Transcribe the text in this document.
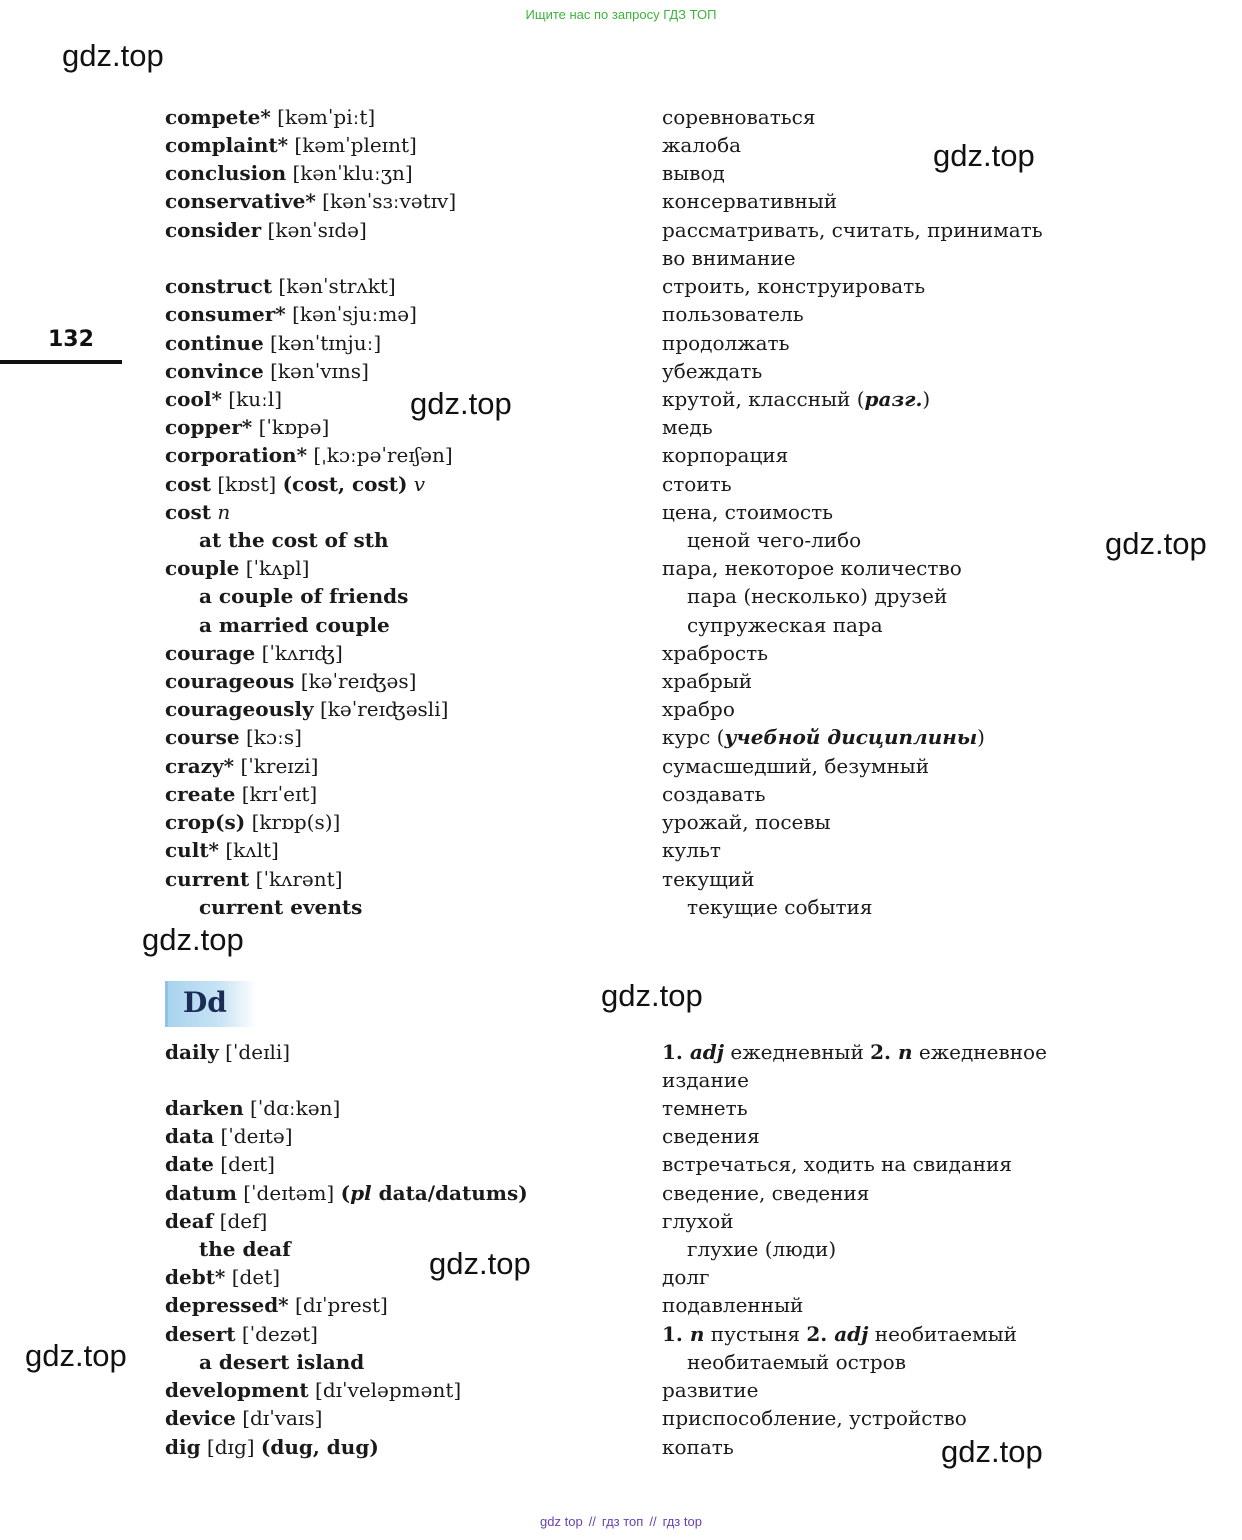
Ищите нас по запросу ГДЗ ТОП
gdz.top
gdz.top
gdz.top
gdz.top
gdz.top
gdz.top
gdz.top
gdz.top
gdz.top
132
compete* [kəmˈpiːt]	соревноваться
complaint* [kəmˈpleɪnt]	жалоба
conclusion [kənˈkluːʒn]	вывод
conservative* [kənˈsɜːvətɪv]	консервативный
consider [kənˈsɪdə]	рассматривать, считать, принимать
во внимание
construct [kənˈstrʌkt]	строить, конструировать
consumer* [kənˈsjuːmə]	пользователь
continue [kənˈtɪnjuː]	продолжать
convince [kənˈvɪns]	убеждать
cool* [kuːl]	крутой, классный (разг.)
copper* [ˈkɒpə]	медь
corporation* [ˌkɔːpəˈreɪʃən]	корпорация
cost [kɒst] (cost, cost) v	стоить
cost n	цена, стоимость
at the cost of sth	ценой чего-либо
couple [ˈkʌpl]	пара, некоторое количество
a couple of friends	пара (несколько) друзей
a married couple	супружеская пара
courage [ˈkʌrɪʤ]	храбрость
courageous [kəˈreɪʤəs]	храбрый
courageously [kəˈreɪʤəsli]	храбро
course [kɔːs]	курс (учебной дисциплины)
crazy* [ˈkreɪzi]	сумасшедший, безумный
create [krɪˈeɪt]	создавать
crop(s) [krɒp(s)]	урожай, посевы
cult* [kʌlt]	культ
current [ˈkʌrənt]	текущий
current events	текущие события
Dd
daily [ˈdeɪli]	1. adj ежедневный 2. n ежедневное
издание
darken [ˈdɑːkən]	темнеть
data [ˈdeɪtə]	сведения
date [deɪt]	встречаться, ходить на свидания
datum [ˈdeɪtəm] (pl data/datums)	сведение, сведения
deaf [def]	глухой
the deaf	глухие (люди)
debt* [det]	долг
depressed* [dɪˈprest]	подавленный
desert [ˈdezət]	1. n пустыня 2. adj необитаемый
a desert island	необитаемый остров
development [dɪˈveləpmənt]	развитие
device [dɪˈvaɪs]	приспособление, устройство
dig [dɪg] (dug, dug)	копать
gdz top // гдз топ // гдз top
